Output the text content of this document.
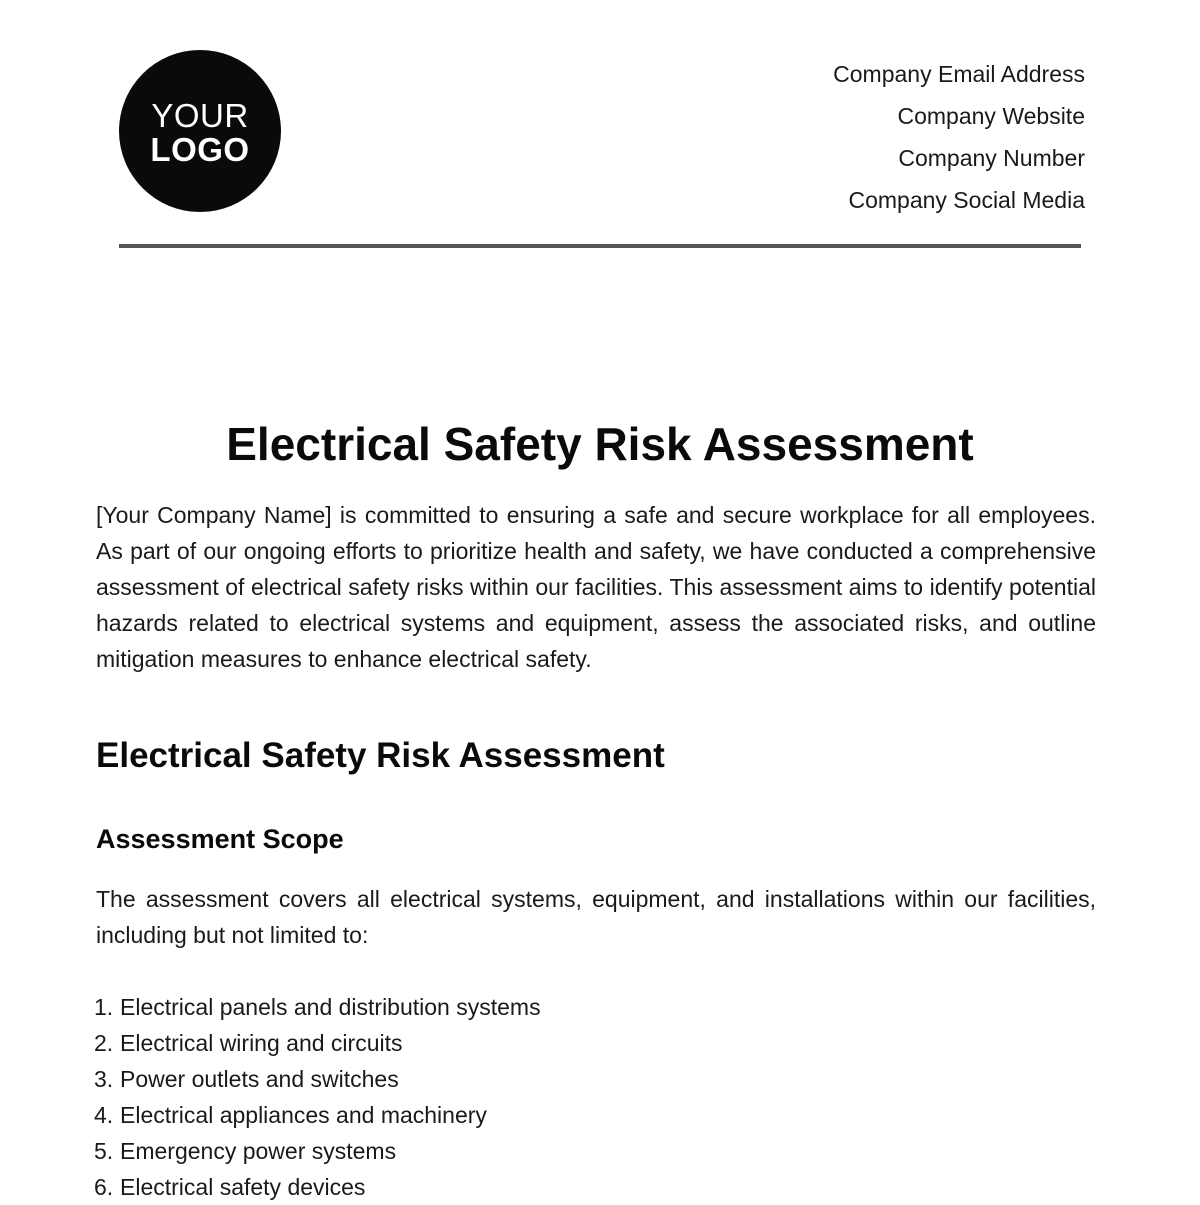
YOUR
LOGO
Company Email Address
Company Website
Company Number
Company Social Media
Electrical Safety Risk Assessment

[Your Company Name] is committed to ensuring a safe and secure workplace for all employees. As part of our ongoing efforts to prioritize health and safety, we have conducted a comprehensive assessment of electrical safety risks within our facilities. This assessment aims to identify potential hazards related to electrical systems and equipment, assess the associated risks, and outline mitigation measures to enhance electrical safety.

Electrical Safety Risk Assessment
Assessment Scope

The assessment covers all electrical systems, equipment, and installations within our facilities, including but not limited to:

1. Electrical panels and distribution systems
2. Electrical wiring and circuits
3. Power outlets and switches
4. Electrical appliances and machinery
5. Emergency power systems
6. Electrical safety devices
